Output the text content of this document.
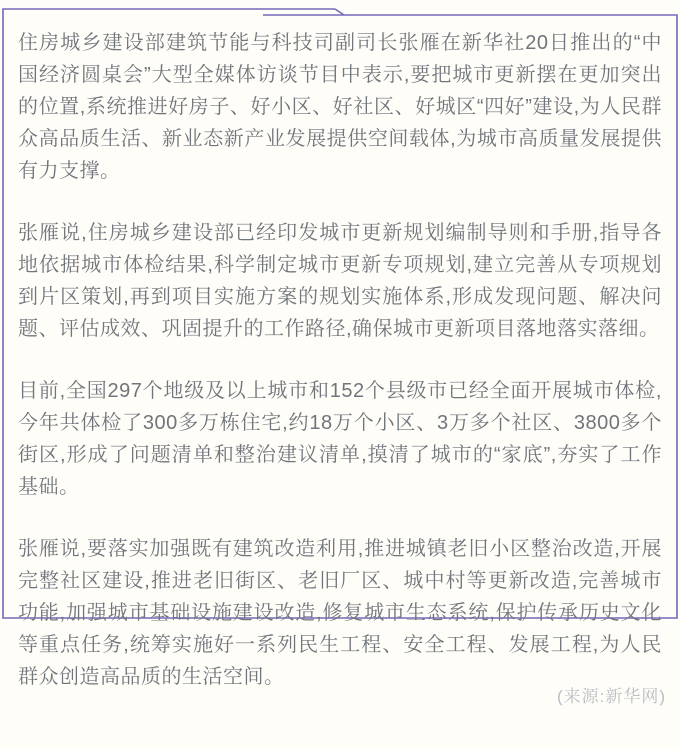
住房城乡建设部建筑节能与科技司副司长张雁在新华社20日推出的“中国经济圆桌会”大型全媒体访谈节目中表示,要把城市更新摆在更加突出的位置,系统推进好房子、好小区、好社区、好城区“四好”建设,为人民群众高品质生活、新业态新产业发展提供空间载体,为城市高质量发展提供有力支撑。

张雁说,住房城乡建设部已经印发城市更新规划编制导则和手册,指导各地依据城市体检结果,科学制定城市更新专项规划,建立完善从专项规划到片区策划,再到项目实施方案的规划实施体系,形成发现问题、解决问题、评估成效、巩固提升的工作路径,确保城市更新项目落地落实落细。

目前,全国297个地级及以上城市和152个县级市已经全面开展城市体检,今年共体检了300多万栋住宅,约18万个小区、3万多个社区、3800多个街区,形成了问题清单和整治建议清单,摸清了城市的“家底”,夯实了工作基础。

张雁说,要落实加强既有建筑改造利用,推进城镇老旧小区整治改造,开展完整社区建设,推进老旧街区、老旧厂区、城中村等更新改造,完善城市功能,加强城市基础设施建设改造,修复城市生态系统,保护传承历史文化等重点任务,统筹实施好一系列民生工程、安全工程、发展工程,为人民群众创造高品质的生活空间。

(来源:新华网)
